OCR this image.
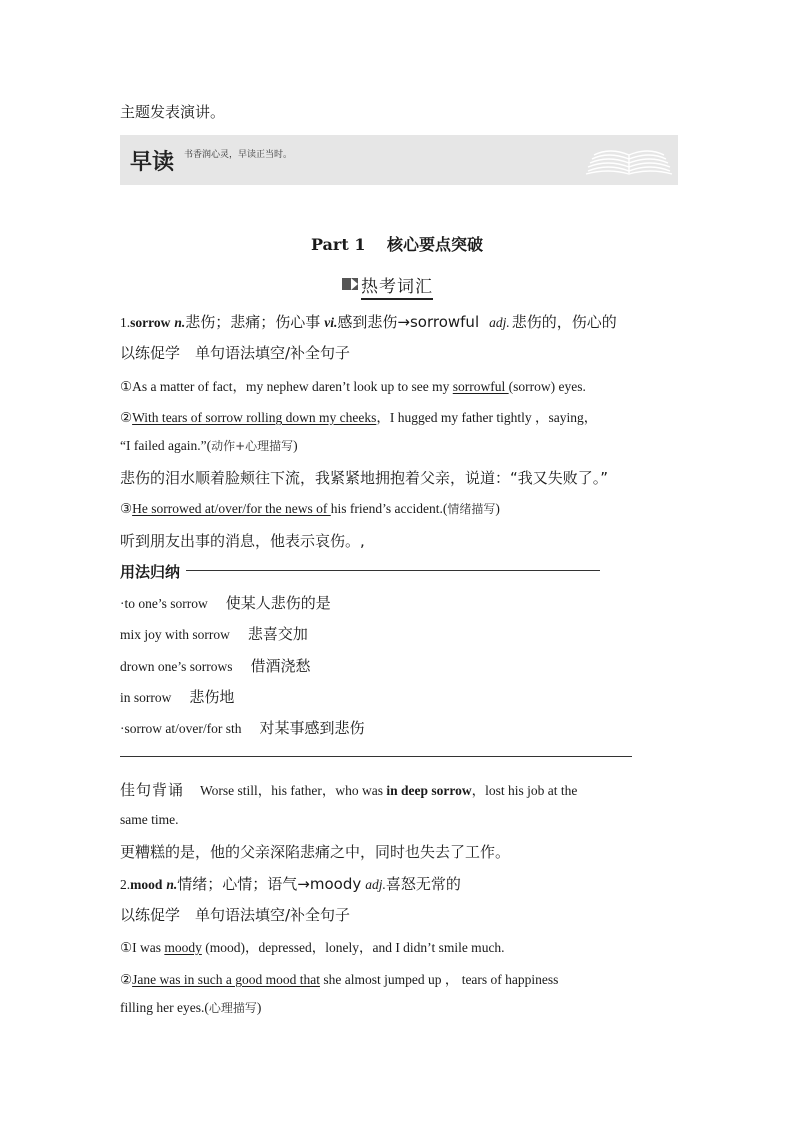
主题发表演讲。
早读 书香润心灵，早读正当时。
Part 1　 核心要点突破
热考词汇
1.sorrow n.悲伤；悲痛；伤心事 vi.感到悲伤→sorrowful adj. 悲伤的，伤心的
以练促学　单句语法填空/补全句子
①As a matter of fact，my nephew daren’t look up to see my sorrowful (sorrow) eyes.
②With tears of sorrow rolling down my cheeks，I hugged my father tightly ，saying，
“I failed again.”(动作+心理描写)
悲伤的泪水顺着脸颊往下流，我紧紧地拥抱着父亲，说道：“我又失败了。”
③He sorrowed at/over/for the news of his friend’s accident.(情绪描写)
听到朋友出事的消息，他表示哀伤。,
用法归纳
·to one’s sorrow 使某人悲伤的是
mix joy with sorrow 悲喜交加
drown one’s sorrows 借酒浇愁
in sorrow 悲伤地
·sorrow at/over/for sth 对某事感到悲伤
佳句背诵 Worse still，his father，who was in deep sorrow，lost his job at the
same time.
更糟糕的是，他的父亲深陷悲痛之中，同时也失去了工作。
2.mood n.情绪；心情；语气→moody adj.喜怒无常的
以练促学　单句语法填空/补全句子
①I was moody (mood)，depressed，lonely，and I didn’t smile much.
②Jane was in such a good mood that she almost jumped up ， tears of happiness
filling her eyes.(心理描写)
